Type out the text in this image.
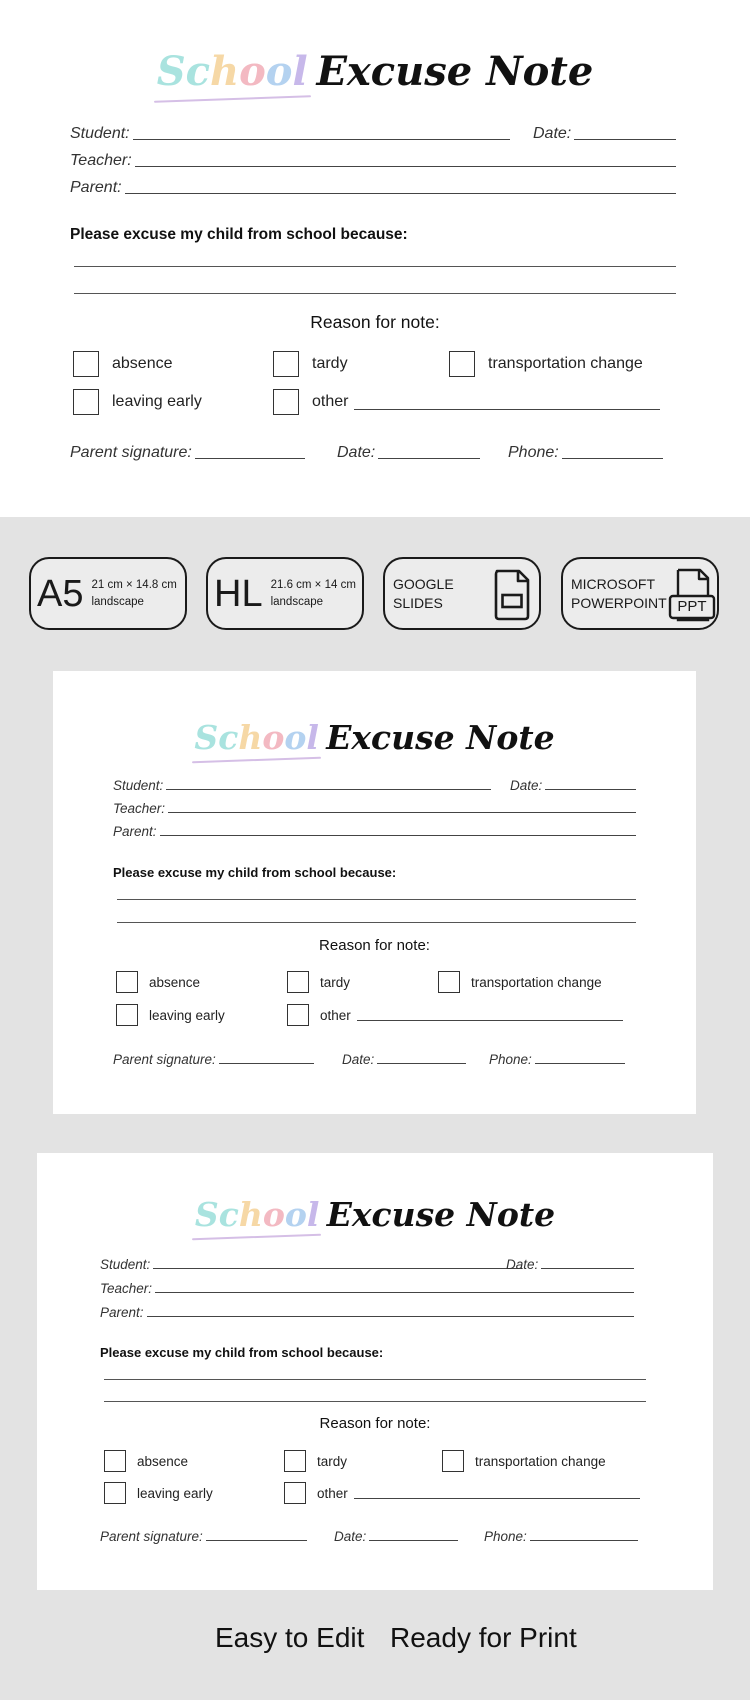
School Excuse Note
Student:	Date:
Teacher:
Parent:
Please excuse my child from school because:
Reason for note:
absence	tardy	transportation change
leaving early	other
Parent signature:	Date:	Phone:
A5 21 cm × 14.8 cm
landscape	HL 21.6 cm × 14 cm
landscape
GOOGLE
SLIDES
MICROSOFT
POWERPOINT PPT
School Excuse Note
Student:	Date:
Teacher:
Parent:
Please excuse my child from school because:
Reason for note:
absence	tardy	transportation change
leaving early	other
Parent signature:	Date:	Phone:
School Excuse Note
Student:	Date:
Teacher:
Parent:
Please excuse my child from school because:
Reason for note:
absence	tardy	transportation change
leaving early	other
Parent signature:	Date:	Phone:
Easy to Edit Ready for Print
